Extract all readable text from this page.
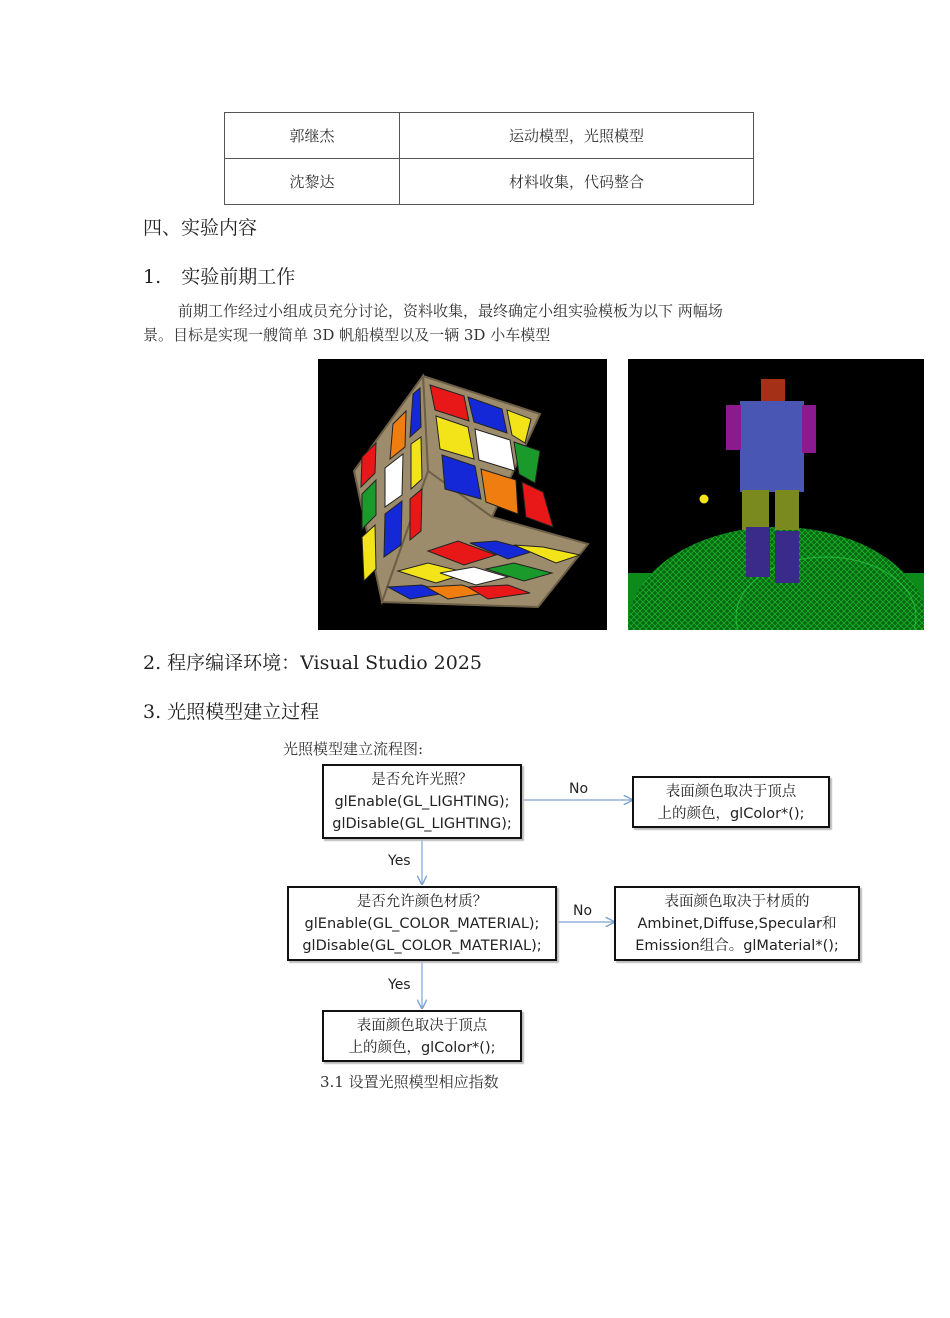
郭继杰	运动模型，光照模型
沈黎达	材料收集，代码整合
四、实验内容
1. 实验前期工作
前期工作经过小组成员充分讨论，资料收集，最终确定小组实验模板为以下 两幅场
景。目标是实现一艘简单 3D 帆船模型以及一辆 3D 小车模型
2. 程序编译环境：Visual Studio 2025
3. 光照模型建立过程
光照模型建立流程图:
是否允许光照？
glEnable(GL_LIGHTING);
glDisable(GL_LIGHTING);
No	表面颜色取决于顶点
上的颜色，glColor*();
Yes
是否允许颜色材质？
glEnable(GL_COLOR_MATERIAL);
glDisable(GL_COLOR_MATERIAL);
No
表面颜色取决于材质的
Ambinet,Diffuse,Specular和
Emission组合。glMaterial*();
Yes
表面颜色取决于顶点
上的颜色，glColor*();
3.1 设置光照模型相应指数
